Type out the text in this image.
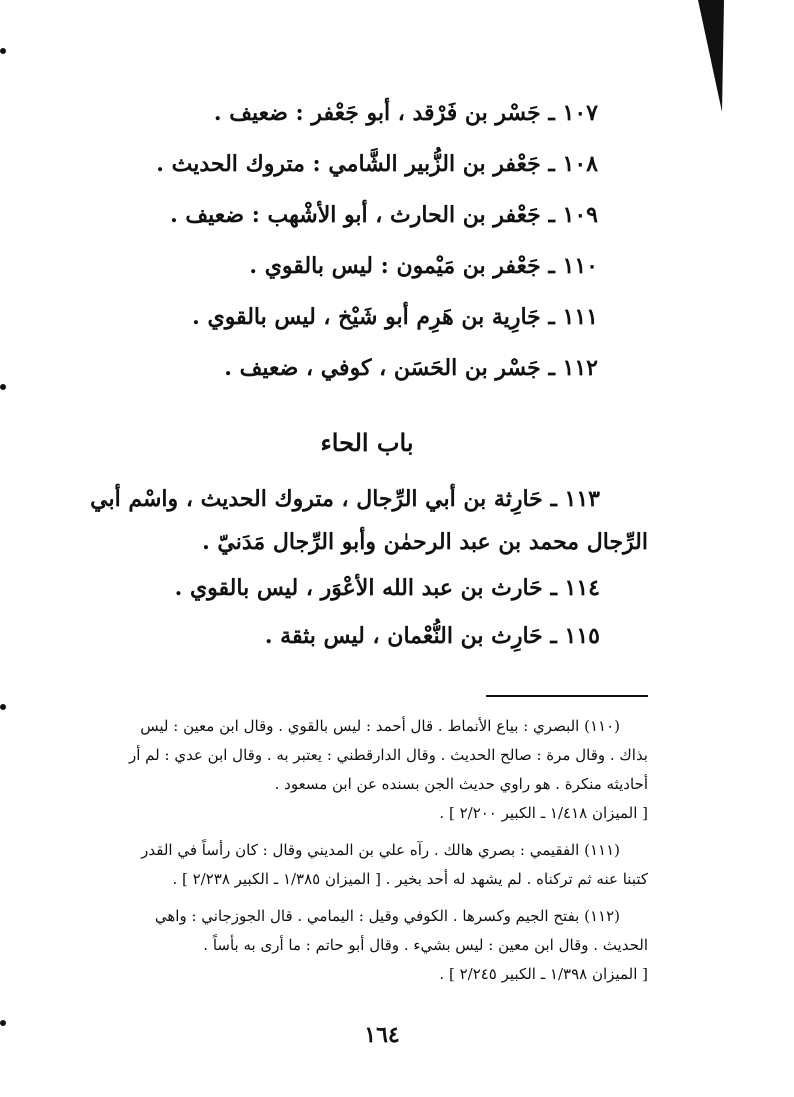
١٠٧ ـ جَسْر بن فَرْقد ، أبو جَعْفر : ضعيف .
١٠٨ ـ جَعْفر بن الزُّبير الشَّامي : متروك الحديث .
١٠٩ ـ جَعْفر بن الحارث ، أبو الأشْهب : ضعيف .
١١٠ ـ جَعْفر بن مَيْمون : ليس بالقوي .
١١١ ـ جَارِية بن هَرِم أبو شَيْخ ، ليس بالقوي .
١١٢ ـ جَسْر بن الحَسَن ، كوفي ، ضعيف .
باب الحاء
١١٣ ـ حَارِثة بن أبي الرِّجال ، متروك الحديث ، واسْم أبي
الرِّجال محمد بن عبد الرحمٰن وأبو الرِّجال مَدَنيّ .
١١٤ ـ حَارث بن عبد الله الأعْوَر ، ليس بالقوي .
١١٥ ـ حَارِث بن النُّعْمان ، ليس بثقة .
(١١٠) البصري : بياع الأنماط . قال أحمد : ليس بالقوي . وقال ابن معين : ليس
بذاك . وقال مرة : صالح الحديث . وقال الدارقطني : يعتبر به . وقال ابن عدي : لم أر
أحاديثه منكرة . هو راوي حديث الجن بسنده عن ابن مسعود .
[ الميزان ١/٤١٨ ـ الكبير ٢/٢٠٠ ] .
(١١١) الفقيمي : بصري هالك . رآه علي بن المديني وقال : كان رأساً في القدر
كتبنا عنه ثم تركناه . لم يشهد له أحد بخير . [ الميزان ١/٣٨٥ ـ الكبير ٢/٢٣٨ ] .
(١١٢) بفتح الجيم وكسرها . الكوفي وقيل : اليمامي . قال الجوزجاني : واهي
الحديث . وقال ابن معين : ليس بشيء . وقال أبو حاتم : ما أرى به بأساً .
[ الميزان ١/٣٩٨ ـ الكبير ٢/٢٤٥ ] .
١٦٤
